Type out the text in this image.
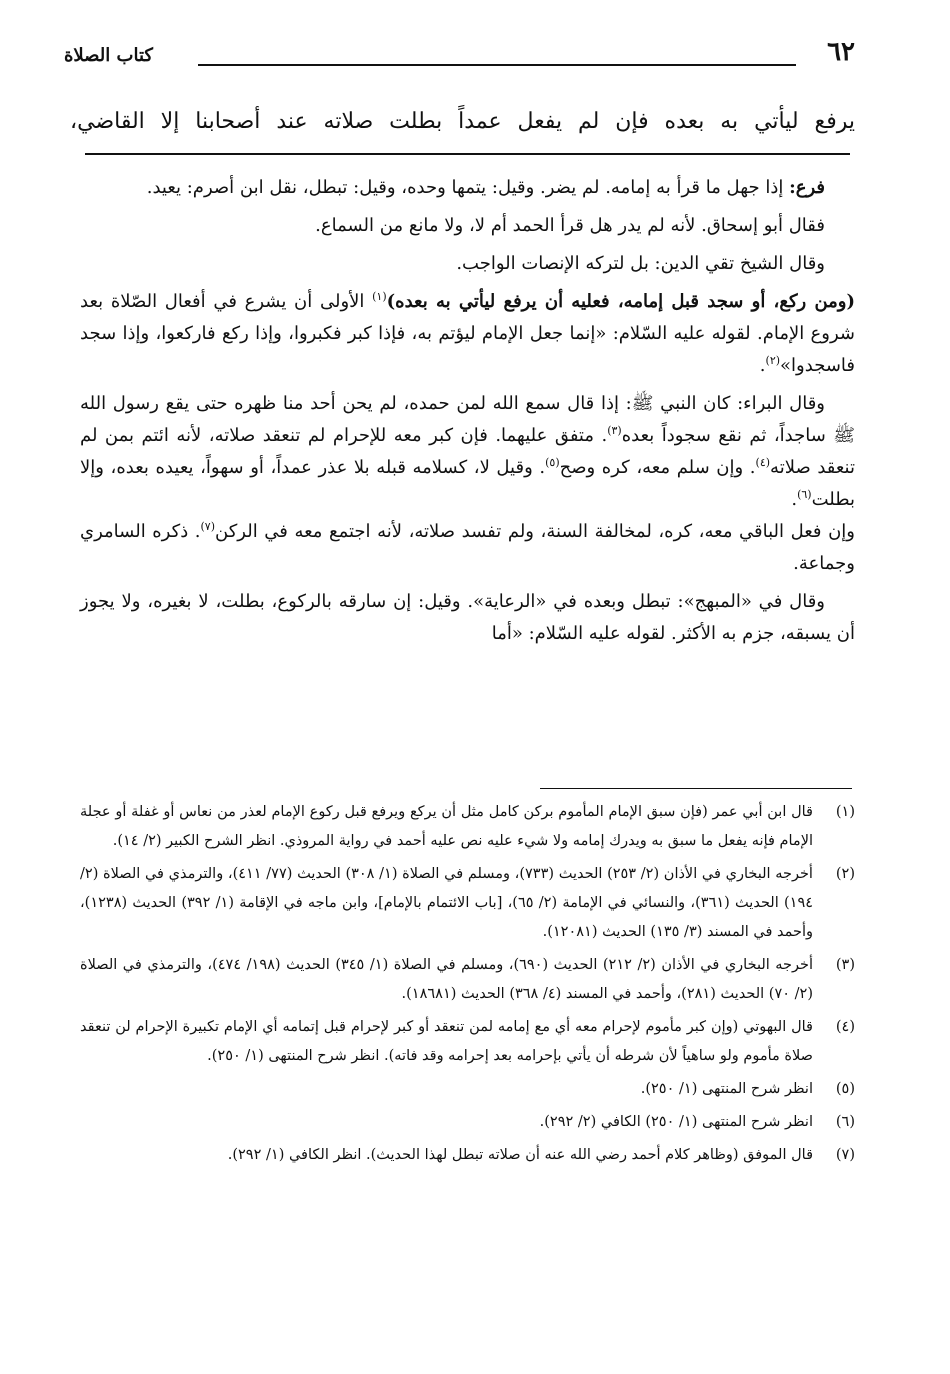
٦٢
كتاب الصلاة
يرفع ليأتي به بعده فإن لم يفعل عمداً بطلت صلاته عند أصحابنا إلا القاضي،

فرع: إذا جهل ما قرأ به إمامه. لم يضر. وقيل: يتمها وحده، وقيل: تبطل، نقل ابن أصرم: يعيد.

فقال أبو إسحاق. لأنه لم يدر هل قرأ الحمد أم لا، ولا مانع من السماع.

وقال الشيخ تقي الدين: بل لتركه الإنصات الواجب.

(ومن ركع، أو سجد قبل إمامه، فعليه أن يرفع ليأتي به بعده)$^{(١)}$ الأولى أن يشرع في أفعال الصّلاة بعد شروع الإمام. لقوله عليه السّلام: «إنما جعل الإمام ليؤتم به، فإذا كبر فكبروا، وإذا ركع فاركعوا، وإذا سجد فاسجدوا»$^{(٢)}$.

وقال البراء: كان النبي ﷺ: إذا قال سمع الله لمن حمده، لم يحن أحد منا ظهره حتى يقع رسول الله ﷺ ساجداً، ثم نقع سجوداً بعده$^{(٣)}$. متفق عليهما. فإن كبر معه للإحرام لم تنعقد صلاته، لأنه ائتم بمن لم تنعقد صلاته$^{(٤)}$. وإن سلم معه، كره وصح$^{(٥)}$. وقيل لا، كسلامه قبله بلا عذر عمداً، أو سهواً، يعيده بعده، وإلا بطلت$^{(٦)}$.
وإن فعل الباقي معه، كره، لمخالفة السنة، ولم تفسد صلاته، لأنه اجتمع معه في الركن$^{(٧)}$. ذكره السامري وجماعة.

وقال في «المبهج»: تبطل وبعده في «الرعاية». وقيل: إن سارقه بالركوع، بطلت، لا بغيره، ولا يجوز أن يسبقه، جزم به الأكثر. لقوله عليه السّلام: «أما

(١)
قال ابن أبي عمر (فإن سبق الإمام المأموم بركن كامل مثل أن يركع ويرفع قبل ركوع الإمام لعذر من نعاس أو غفلة أو عجلة الإمام فإنه يفعل ما سبق به ويدرك إمامه ولا شيء عليه نص عليه أحمد في رواية المروذي. انظر الشرح الكبير (٢/ ١٤).
(٢)
أخرجه البخاري في الأذان (٢/ ٢٥٣) الحديث (٧٣٣)، ومسلم في الصلاة (١/ ٣٠٨) الحديث (٧٧/ ٤١١)، والترمذي في الصلاة (٢/ ١٩٤) الحديث (٣٦١)، والنسائي في الإمامة (٢/ ٦٥)، [باب الائتمام بالإمام]، وابن ماجه في الإقامة (١/ ٣٩٢) الحديث (١٢٣٨)، وأحمد في المسند (٣/ ١٣٥) الحديث (١٢٠٨١).
(٣)
أخرجه البخاري في الأذان (٢/ ٢١٢) الحديث (٦٩٠)، ومسلم في الصلاة (١/ ٣٤٥) الحديث (١٩٨/ ٤٧٤)، والترمذي في الصلاة (٢/ ٧٠) الحديث (٢٨١)، وأحمد في المسند (٤/ ٣٦٨) الحديث (١٨٦٨١).
(٤)
قال البهوتي (وإن كبر مأموم لإحرام معه أي مع إمامه لمن تنعقد أو كبر لإحرام قبل إتمامه أي الإمام تكبيرة الإحرام لن تنعقد صلاة مأموم ولو ساهياً لأن شرطه أن يأتي بإحرامه بعد إحرامه وقد فاته). انظر شرح المنتهى (١/ ٢٥٠).
(٥)
انظر شرح المنتهى (١/ ٢٥٠).
(٦)
انظر شرح المنتهى (١/ ٢٥٠) الكافي (٢/ ٢٩٢).
(٧)
قال الموفق (وظاهر كلام أحمد رضي الله عنه أن صلاته تبطل لهذا الحديث). انظر الكافي (١/ ٢٩٢).
